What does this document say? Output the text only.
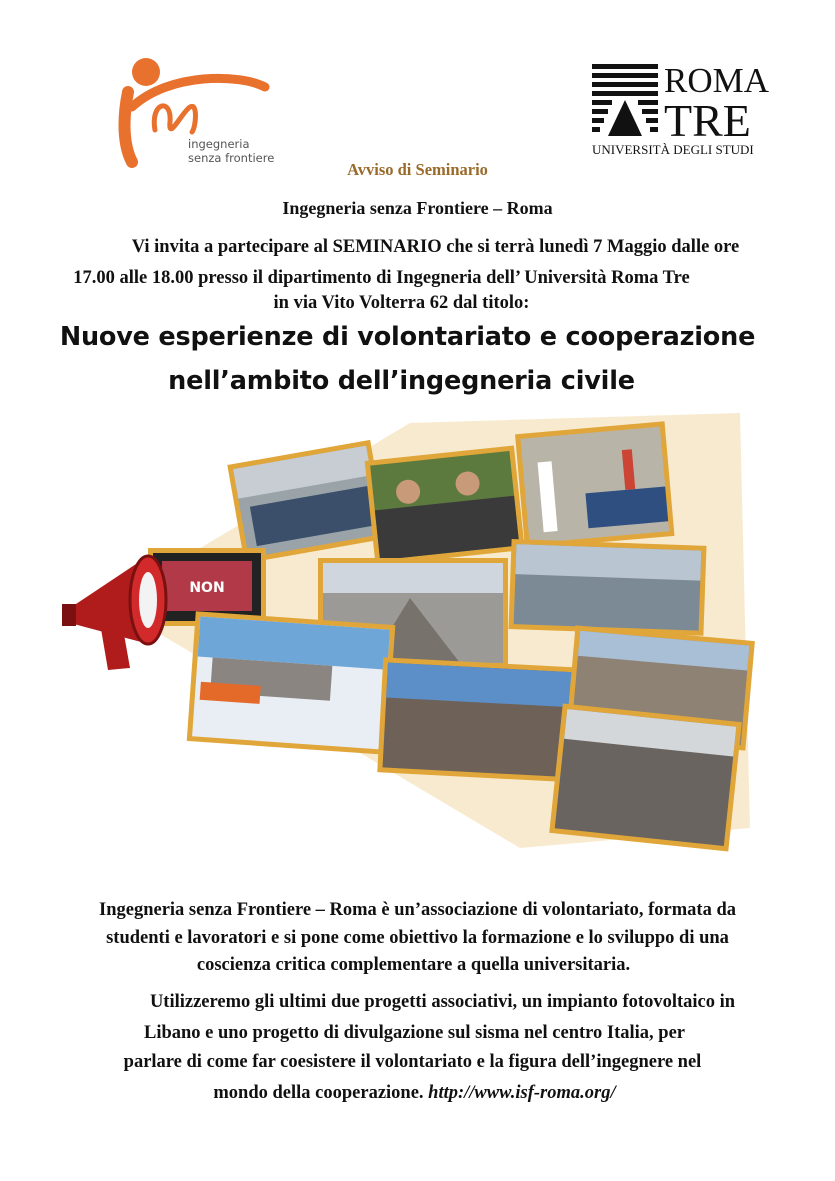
ingegneria
senza frontiere
ROMA
TRE
UNIVERSITÀ DEGLI STUDI
Avviso di Seminario
Ingegneria senza Frontiere – Roma
Vi invita a partecipare al SEMINARIO che si terrà lunedì 7 Maggio dalle ore
17.00 alle 18.00 presso il dipartimento di Ingegneria dell’ Università Roma Tre
in via Vito Volterra 62 dal titolo:
Nuove esperienze di volontariato e cooperazione
nell’ambito dell’ingegneria civile
NON
Ingegneria senza Frontiere – Roma è un’associazione di volontariato, formata da
studenti e lavoratori e si pone come obiettivo la formazione e lo sviluppo di una
coscienza critica complementare a quella universitaria.
Utilizzeremo gli ultimi due progetti associativi, un impianto fotovoltaico in
Libano e uno progetto di divulgazione sul sisma nel centro Italia, per
parlare di come far coesistere il volontariato e la figura dell’ingegnere nel
mondo della cooperazione. http://www.isf-roma.org/
